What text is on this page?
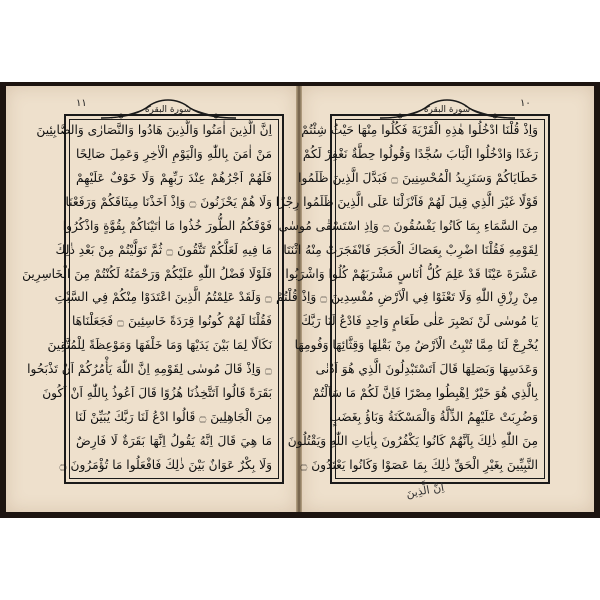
١١
سورة البقرة
اِنَّ الَّذِينَ اٰمَنُوا وَالَّذِينَ هَادُوا وَالنَّصَارٰى وَالصَّابِئِينَ
مَنْ اٰمَنَ بِاللّٰهِ وَالْيَوْمِ الْاٰخِرِ وَعَمِلَ صَالِحًا
فَلَهُمْ اَجْرُهُمْ عِنْدَ رَبِّهِمْ وَلَا خَوْفٌ عَلَيْهِمْ
وَلَا هُمْ يَحْزَنُونَ ۝ وَاِذْ اَخَذْنَا مِيثَاقَكُمْ وَرَفَعْنَا
فَوْقَكُمُ الطُّورَ خُذُوا مَا اٰتَيْنَاكُمْ بِقُوَّةٍ وَاذْكُرُوا
مَا فِيهِ لَعَلَّكُمْ تَتَّقُونَ ۝ ثُمَّ تَوَلَّيْتُمْ مِنْ بَعْدِ ذٰلِكَ
فَلَوْلَا فَضْلُ اللّٰهِ عَلَيْكُمْ وَرَحْمَتُهُ لَكُنْتُمْ مِنَ الْخَاسِرِينَ
۝ وَلَقَدْ عَلِمْتُمُ الَّذِينَ اعْتَدَوْا مِنْكُمْ فِي السَّبْتِ
فَقُلْنَا لَهُمْ كُونُوا قِرَدَةً خَاسِئِينَ ۝ فَجَعَلْنَاهَا
نَكَالًا لِمَا بَيْنَ يَدَيْهَا وَمَا خَلْفَهَا وَمَوْعِظَةً لِلْمُتَّقِينَ
۝ وَاِذْ قَالَ مُوسٰى لِقَوْمِهِ اِنَّ اللّٰهَ يَأْمُرُكُمْ اَنْ تَذْبَحُوا
بَقَرَةً قَالُوا اَتَتَّخِذُنَا هُزُوًا قَالَ اَعُوذُ بِاللّٰهِ اَنْ اَكُونَ
مِنَ الْجَاهِلِينَ ۝ قَالُوا ادْعُ لَنَا رَبَّكَ يُبَيِّنْ لَنَا
مَا هِيَ قَالَ اِنَّهُ يَقُولُ اِنَّهَا بَقَرَةٌ لَا فَارِضٌ
وَلَا بِكْرٌ عَوَانٌ بَيْنَ ذٰلِكَ فَافْعَلُوا مَا تُؤْمَرُونَ ۝
١٠
سورة البقرة
وَاِذْ قُلْنَا ادْخُلُوا هٰذِهِ الْقَرْيَةَ فَكُلُوا مِنْهَا حَيْثُ شِئْتُمْ
رَغَدًا وَادْخُلُوا الْبَابَ سُجَّدًا وَقُولُوا حِطَّةٌ نَغْفِرْ لَكُمْ
خَطَايَاكُمْ وَسَنَزِيدُ الْمُحْسِنِينَ ۝ فَبَدَّلَ الَّذِينَ ظَلَمُوا
قَوْلًا غَيْرَ الَّذِي قِيلَ لَهُمْ فَاَنْزَلْنَا عَلَى الَّذِينَ ظَلَمُوا رِجْزًا
مِنَ السَّمَاءِ بِمَا كَانُوا يَفْسُقُونَ ۝ وَاِذِ اسْتَسْقٰى مُوسٰى
لِقَوْمِهِ فَقُلْنَا اضْرِبْ بِعَصَاكَ الْحَجَرَ فَانْفَجَرَتْ مِنْهُ اثْنَتَا
عَشْرَةَ عَيْنًا قَدْ عَلِمَ كُلُّ اُنَاسٍ مَشْرَبَهُمْ كُلُوا وَاشْرَبُوا
مِنْ رِزْقِ اللّٰهِ وَلَا تَعْثَوْا فِي الْاَرْضِ مُفْسِدِينَ ۝ وَاِذْ قُلْتُمْ
يَا مُوسٰى لَنْ نَصْبِرَ عَلٰى طَعَامٍ وَاحِدٍ فَادْعُ لَنَا رَبَّكَ
يُخْرِجْ لَنَا مِمَّا تُنْبِتُ الْاَرْضُ مِنْ بَقْلِهَا وَقِثَّائِهَا وَفُومِهَا
وَعَدَسِهَا وَبَصَلِهَا قَالَ اَتَسْتَبْدِلُونَ الَّذِي هُوَ اَدْنٰى
بِالَّذِي هُوَ خَيْرٌ اِهْبِطُوا مِصْرًا فَاِنَّ لَكُمْ مَا سَاَلْتُمْ
وَضُرِبَتْ عَلَيْهِمُ الذِّلَّةُ وَالْمَسْكَنَةُ وَبَاؤُ بِغَضَبٍ
مِنَ اللّٰهِ ذٰلِكَ بِاَنَّهُمْ كَانُوا يَكْفُرُونَ بِاٰيَاتِ اللّٰهِ وَيَقْتُلُونَ
النَّبِيِّينَ بِغَيْرِ الْحَقِّ ذٰلِكَ بِمَا عَصَوْا وَكَانُوا يَعْتَدُونَ ۝
اِنَّ الَّذِينَ
